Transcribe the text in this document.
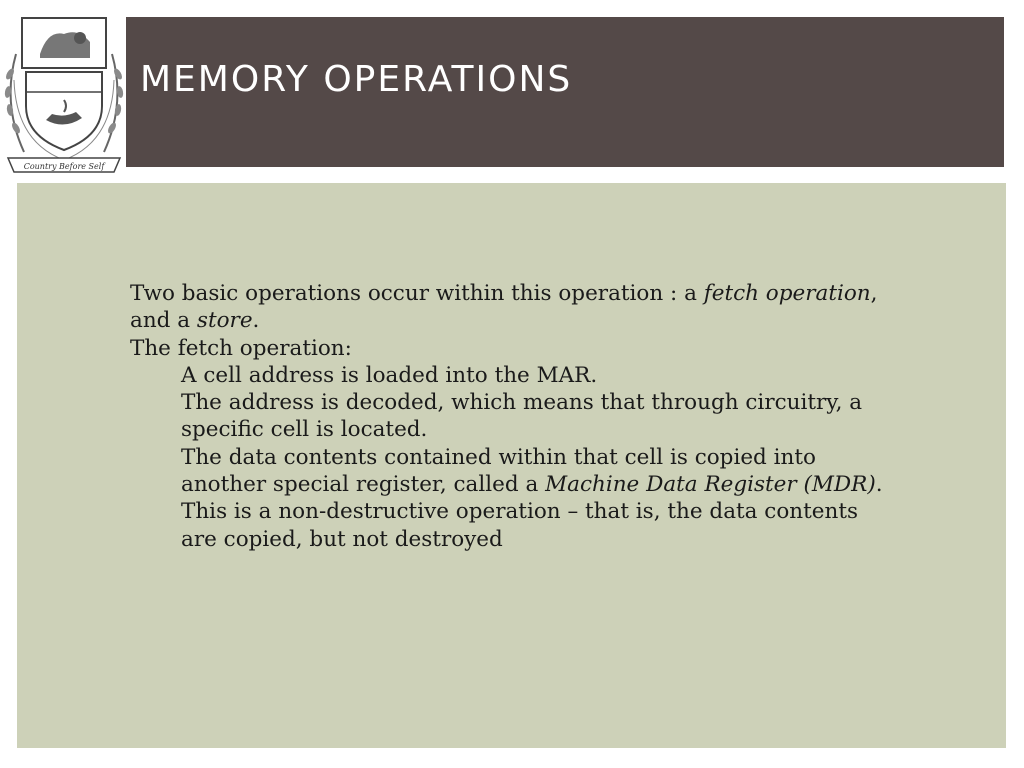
Country Before Self
MEMORY OPERATIONS

Two basic operations occur within this operation : a fetch operation, and a store.

The fetch operation:

A cell address is loaded into the MAR.

The address is decoded, which means that through circuitry, a specific cell is located.

The data contents contained within that cell is copied into another special register, called a Machine Data Register (MDR).

This is a non-destructive operation – that is, the data contents are copied, but not destroyed
